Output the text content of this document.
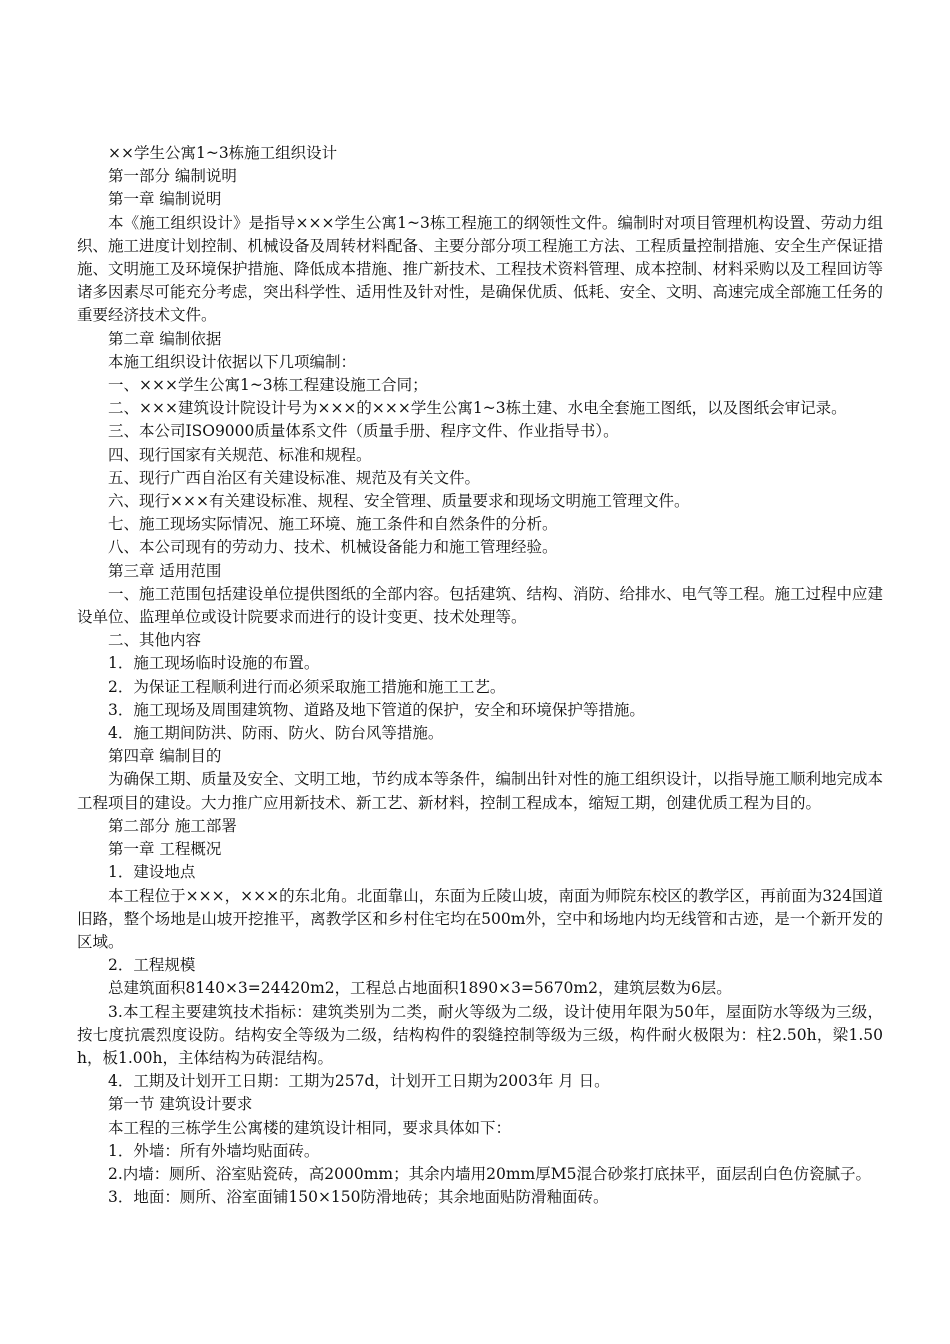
××学生公寓1~3栋施工组织设计

第一部分 编制说明

第一章 编制说明

本《施工组织设计》是指导×××学生公寓1~3栋工程施工的纲领性文件。编制时对项目管理机构设置、劳动力组织、施工进度计划控制、机械设备及周转材料配备、主要分部分项工程施工方法、工程质量控制措施、安全生产保证措施、文明施工及环境保护措施、降低成本措施、推广新技术、工程技术资料管理、成本控制、材料采购以及工程回访等诸多因素尽可能充分考虑，突出科学性、适用性及针对性，是确保优质、低耗、安全、文明、高速完成全部施工任务的重要经济技术文件。

第二章 编制依据

本施工组织设计依据以下几项编制：

一、×××学生公寓1~3栋工程建设施工合同；

二、×××建筑设计院设计号为×××的×××学生公寓1~3栋土建、水电全套施工图纸，以及图纸会审记录。

三、本公司ISO9000质量体系文件（质量手册、程序文件、作业指导书）。

四、现行国家有关规范、标准和规程。

五、现行广西自治区有关建设标准、规范及有关文件。

六、现行×××有关建设标准、规程、安全管理、质量要求和现场文明施工管理文件。

七、施工现场实际情况、施工环境、施工条件和自然条件的分析。

八、本公司现有的劳动力、技术、机械设备能力和施工管理经验。

第三章 适用范围

一、施工范围包括建设单位提供图纸的全部内容。包括建筑、结构、消防、给排水、电气等工程。施工过程中应建设单位、监理单位或设计院要求而进行的设计变更、技术处理等。

二、其他内容

1．施工现场临时设施的布置。

2．为保证工程顺利进行而必须采取施工措施和施工工艺。

3．施工现场及周围建筑物、道路及地下管道的保护，安全和环境保护等措施。

4．施工期间防洪、防雨、防火、防台风等措施。

第四章 编制目的

为确保工期、质量及安全、文明工地，节约成本等条件，编制出针对性的施工组织设计，以指导施工顺利地完成本工程项目的建设。大力推广应用新技术、新工艺、新材料，控制工程成本，缩短工期，创建优质工程为目的。

第二部分 施工部署

第一章 工程概况

1．建设地点

本工程位于×××，×××的东北角。北面靠山，东面为丘陵山坡，南面为师院东校区的教学区，再前面为324国道旧路，整个场地是山坡开挖推平，离教学区和乡村住宅均在500m外，空中和场地内均无线管和古迹，是一个新开发的区域。

2．工程规模

总建筑面积8140×3=24420m2，工程总占地面积1890×3=5670m2，建筑层数为6层。

3.本工程主要建筑技术指标：建筑类别为二类，耐火等级为二级，设计使用年限为50年，屋面防水等级为三级，按七度抗震烈度设防。结构安全等级为二级，结构构件的裂缝控制等级为三级，构件耐火极限为：柱2.50h，梁1.50h，板1.00h，主体结构为砖混结构。

4．工期及计划开工日期：工期为257d，计划开工日期为2003年 月 日。

第一节 建筑设计要求

本工程的三栋学生公寓楼的建筑设计相同，要求具体如下：

1．外墙：所有外墙均贴面砖。

2.内墙：厕所、浴室贴瓷砖，高2000mm；其余内墙用20mm厚M5混合砂浆打底抹平，面层刮白色仿瓷腻子。

3．地面：厕所、浴室面铺150×150防滑地砖；其余地面贴防滑釉面砖。
